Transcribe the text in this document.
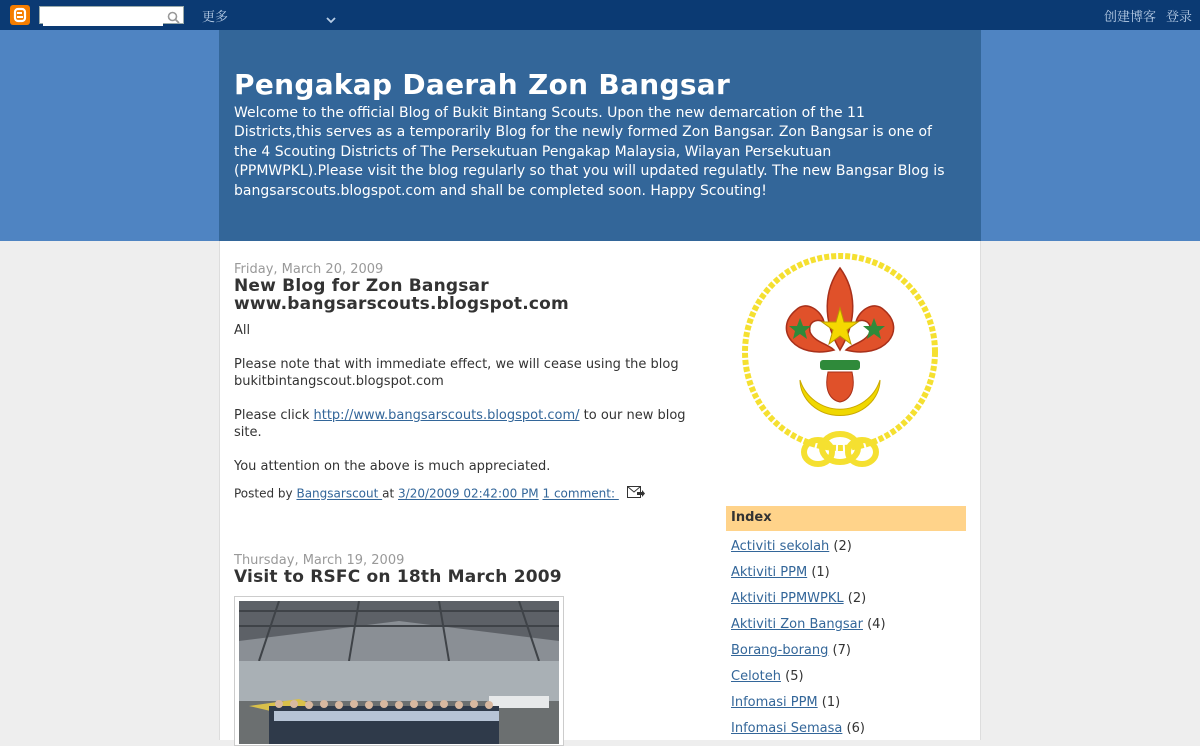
更多	创建博客 登录
Pengakap Daerah Zon Bangsar

Welcome to the official Blog of Bukit Bintang Scouts. Upon the new demarcation of the 11 Districts,this serves as a temporarily Blog for the newly formed Zon Bangsar. Zon Bangsar is one of the 4 Scouting Districts of The Persekutuan Pengakap Malaysia, Wilayan Persekutuan (PPMWPKL).Please visit the blog regularly so that you will updated regulatly. The new Bangsar Blog is bangsarscouts.blogspot.com and shall be completed soon. Happy Scouting!

Friday, March 20, 2009
New Blog for Zon Bangsar
www.bangsarscouts.blogspot.com

All

Please note that with immediate effect, we will cease using the blog bukitbintangscout.blogspot.com

Please click http://www.bangsarscouts.blogspot.com/ to our new blog site.

You attention on the above is much appreciated.

Posted by Bangsarscout at 3/20/2009 02:42:00 PM 1 comment:
Thursday, March 19, 2009
Visit to RSFC on 18th March 2009
Index
Activiti sekolah (2)
Aktiviti PPM (1)
Aktiviti PPMWPKL (2)
Aktiviti Zon Bangsar (4)
Borang-borang (7)
Celoteh (5)
Infomasi PPM (1)
Infomasi Semasa (6)
